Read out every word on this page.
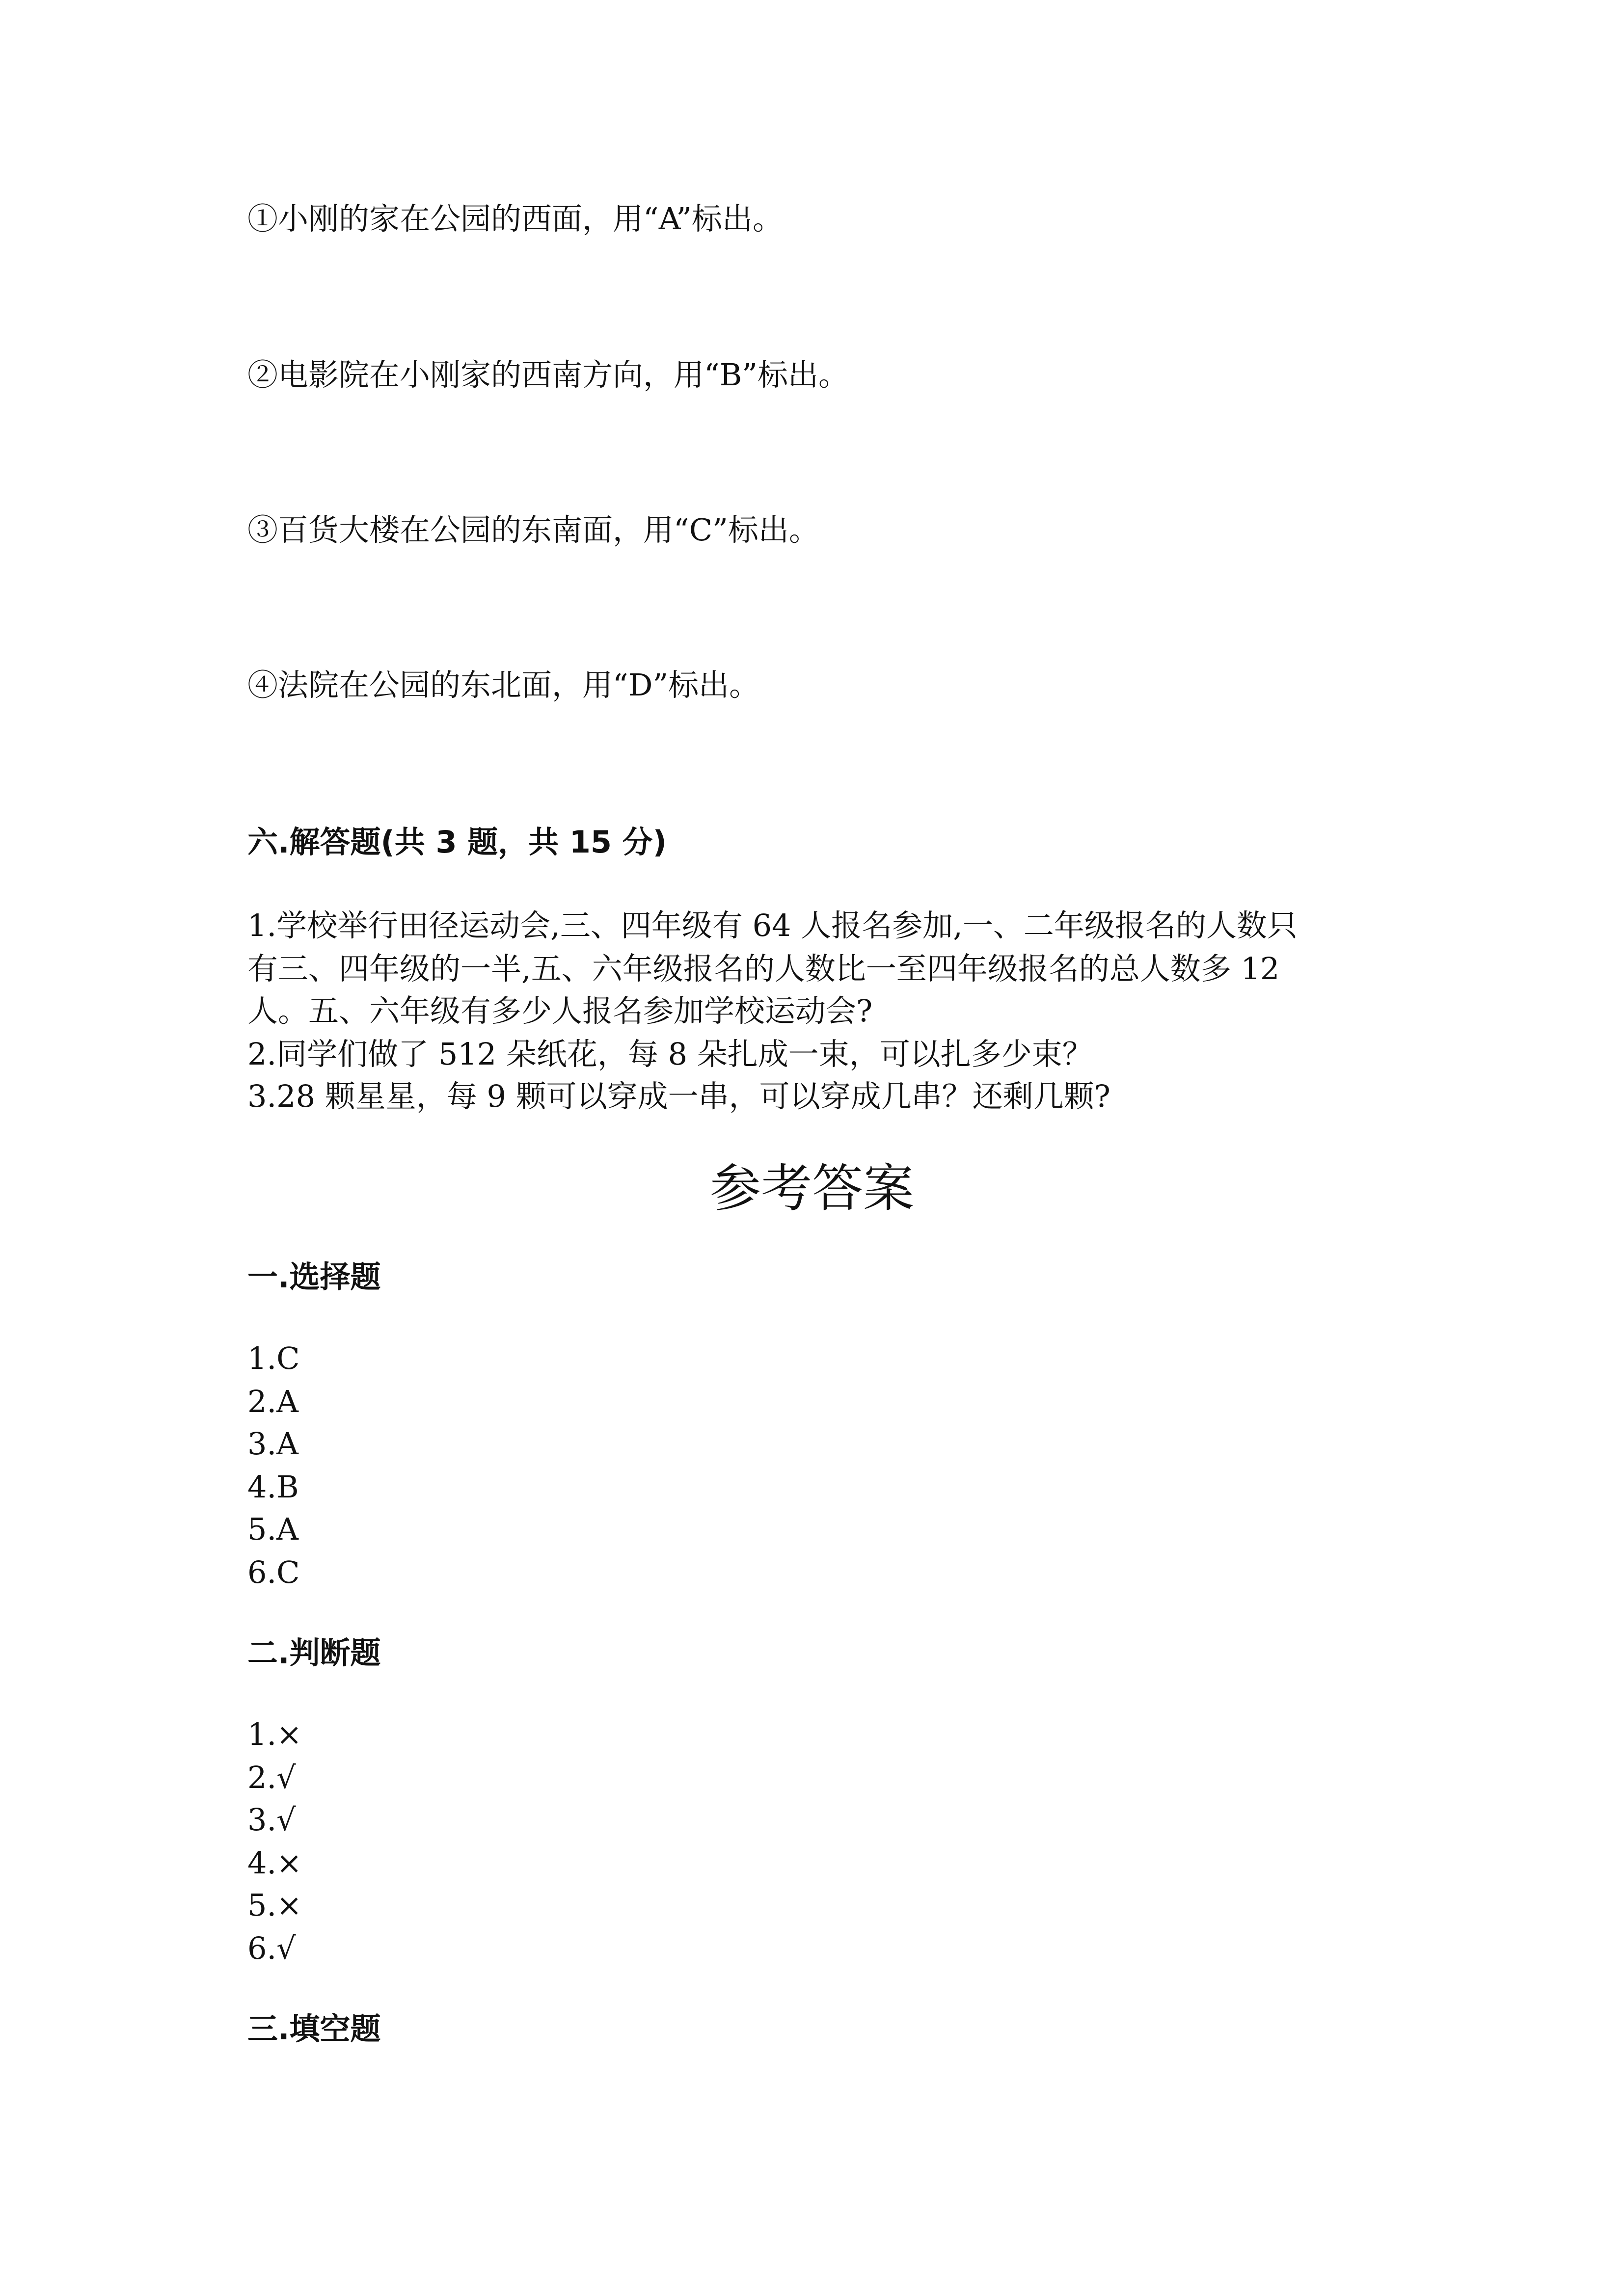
①小刚的家在公园的西面，用“A”标出。
②电影院在小刚家的西南方向，用“B”标出。
③百货大楼在公园的东南面，用“C”标出。
④法院在公园的东北面，用“D”标出。
六.解答题(共 3 题，共 15 分)
1.学校举行田径运动会,三、四年级有 64 人报名参加,一、二年级报名的人数只
有三、四年级的一半,五、六年级报名的人数比一至四年级报名的总人数多 12
人。五、六年级有多少人报名参加学校运动会?
2.同学们做了 512 朵纸花，每 8 朵扎成一束，可以扎多少束？
3.28 颗星星，每 9 颗可以穿成一串，可以穿成几串？还剩几颗?
参考答案
一.选择题
1.C
2.A
3.A
4.B
5.A
6.C
二.判断题
1.×
2.√
3.√
4.×
5.×
6.√
三.填空题
